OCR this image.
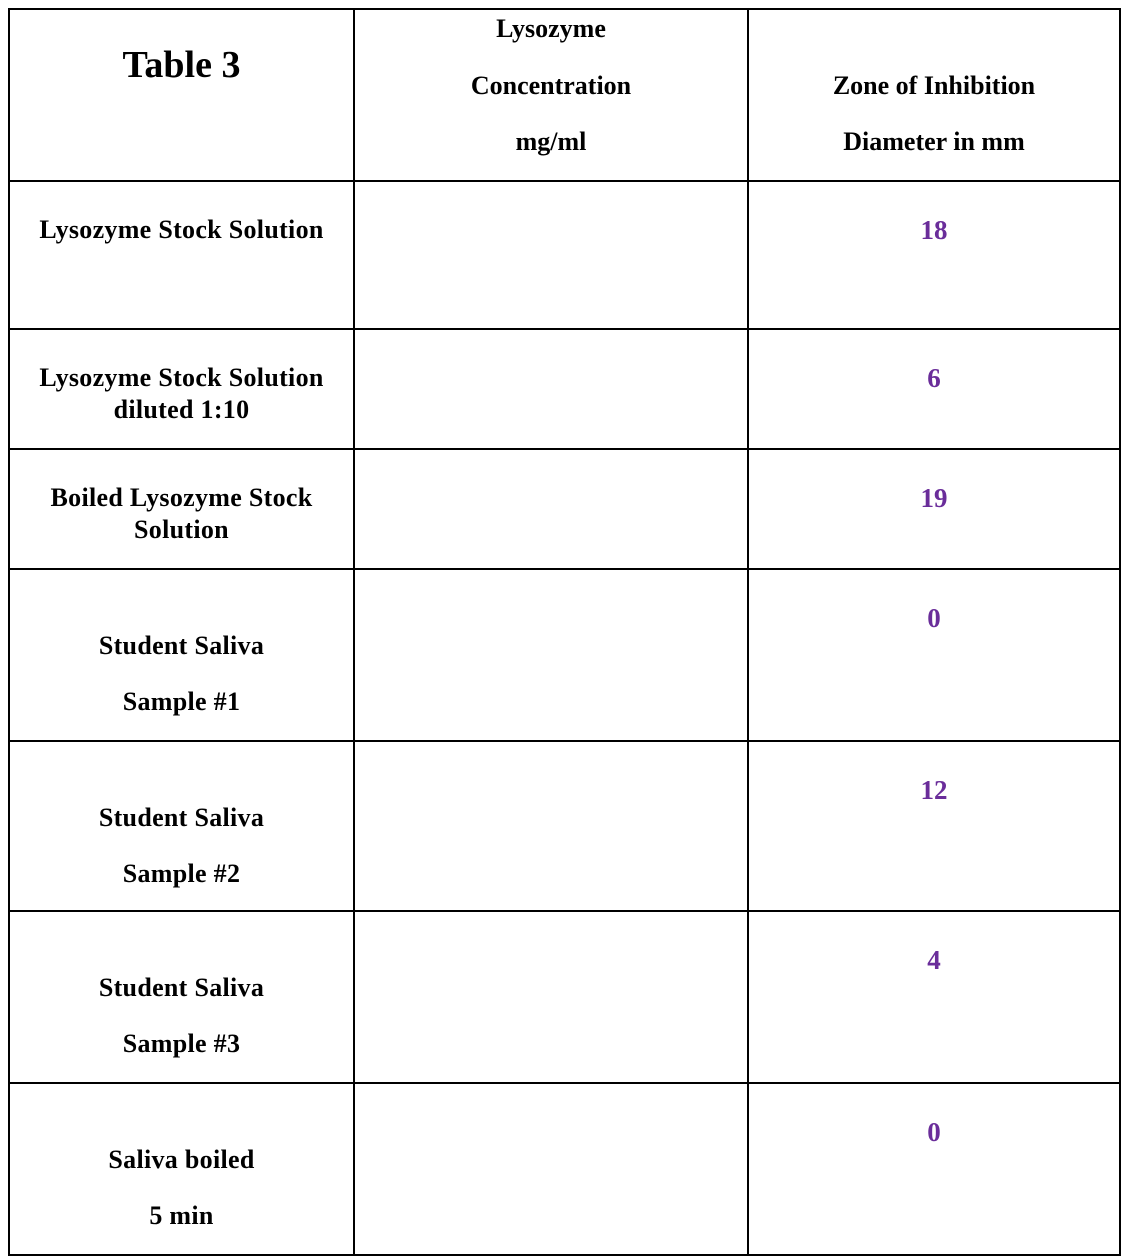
Table 3	Lysozyme
Concentration
mg/ml	Zone of Inhibition
Diameter in mm

Lysozyme Stock Solution		18

Lysozyme Stock Solution
diluted 1:10		6

Boiled Lysozyme Stock
Solution		19

Student Saliva
Sample #1		0

Student Saliva
Sample #2		12

Student Saliva
Sample #3		4

Saliva boiled
5 min		0
